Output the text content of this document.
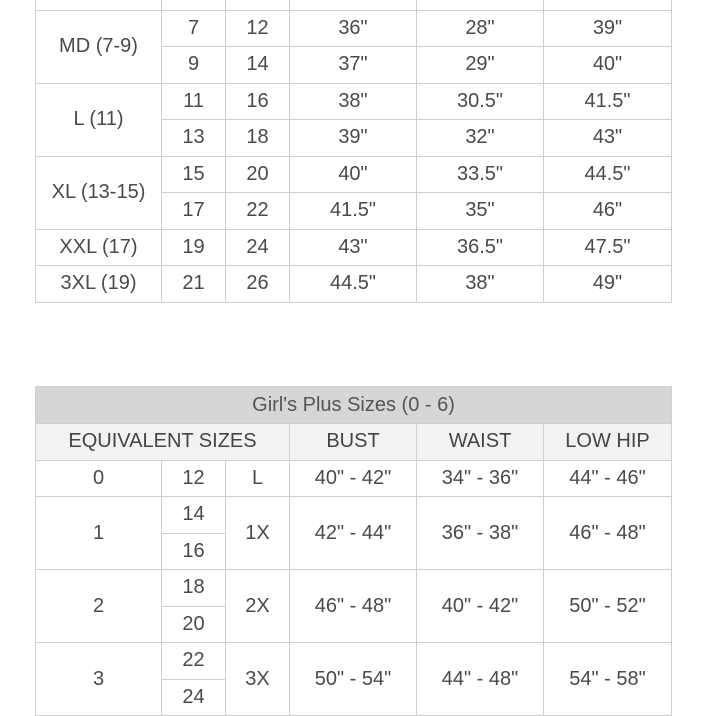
MD (7-9)	7	12	36"	28"	39"
	9	14	37"	29"	40"
L (11)	11	16	38"	30.5"	41.5"
	13	18	39"	32"	43"
XL (13-15)	15	20	40"	33.5"	44.5"
	17	22	41.5"	35"	46"
XXL (17)	19	24	43"	36.5"	47.5"
3XL (19)	21	26	44.5"	38"	49"
Girl's Plus Sizes (0 - 6)					
EQUIVALENT SIZES			BUST	WAIST	LOW HIP
0	12	L	40" - 42"	34" - 36"	44" - 46"
1	14	1X	42" - 44"	36" - 38"	46" - 48"
	16				
2	18	2X	46" - 48"	40" - 42"	50" - 52"
	20				
3	22	3X	50" - 54"	44" - 48"	54" - 58"
	24				
